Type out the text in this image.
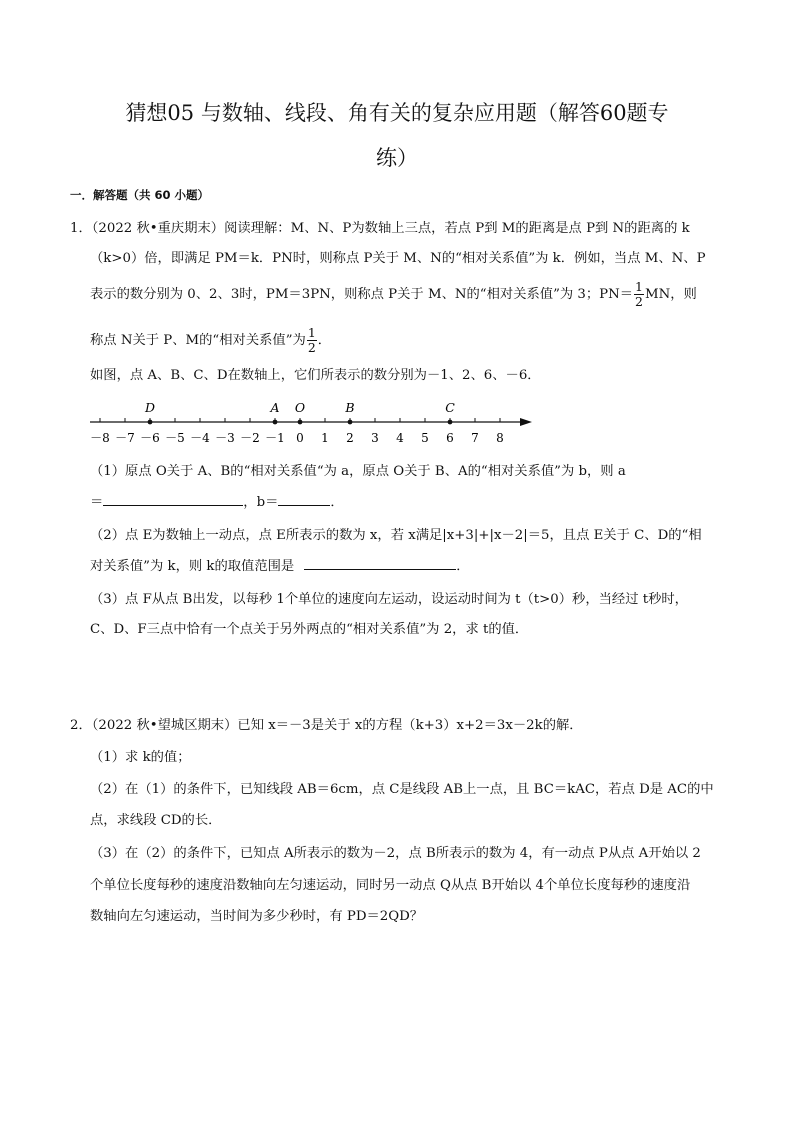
猜想05 与数轴、线段、角有关的复杂应用题（解答60题专
练）
一．解答题（共 60 小题）
1．（2022 秋•重庆期末）阅读理解：M、N、P为数轴上三点，若点 P到 M的距离是点 P到 N的距离的 k
（k>0）倍，即满足 PM＝k．PN时，则称点 P关于 M、N的“相对关系值”为 k．例如，当点 M、N、P
表示的数分别为 0、2、3时，PM＝3PN，则称点 P关于 M、N的“相对关系值”为 3；$PN= \frac{1}{2}$ MN，则
称点 N关于 P、M的“相对关系值”为 $\frac{1}{2}$ ．
如图，点 A、B、C、D在数轴上，它们所表示的数分别为－1、2、6、－6．
－8 －7 －6 －5 －4 －3 －2 －1 0 1 2 3 4 5 6 7 8
D	A O	B	C
（1）原点 O关于 A、B的“相对关系值“为 a，原点 O关于 B、A的“相对关系值”为 b，则 a
＝	，b＝	．
（2）点 E为数轴上一动点，点 E所表示的数为 x，若 x满足|x+3|+|x－2|＝5，且点 E关于 C、D的“相
对关系值”为 k，则 k的取值范围是	．
（3）点 F从点 B出发，以每秒 1个单位的速度向左运动，设运动时间为 t（t>0）秒，当经过 t秒时，
C、D、F三点中恰有一个点关于另外两点的“相对关系值”为 2，求 t的值．
2．（2022 秋•望城区期末）已知 x＝－3是关于 x的方程（k+3）x+2＝3x－2k的解．
（1）求 k的值；
（2）在（1）的条件下，已知线段 AB＝6cm，点 C是线段 AB上一点，且 BC＝kAC，若点 D是 AC的中
点，求线段 CD的长．
（3）在（2）的条件下，已知点 A所表示的数为－2，点 B所表示的数为 4，有一动点 P从点 A开始以 2
个单位长度每秒的速度沿数轴向左匀速运动，同时另一动点 Q从点 B开始以 4个单位长度每秒的速度沿
数轴向左匀速运动，当时间为多少秒时，有 PD＝2QD？
